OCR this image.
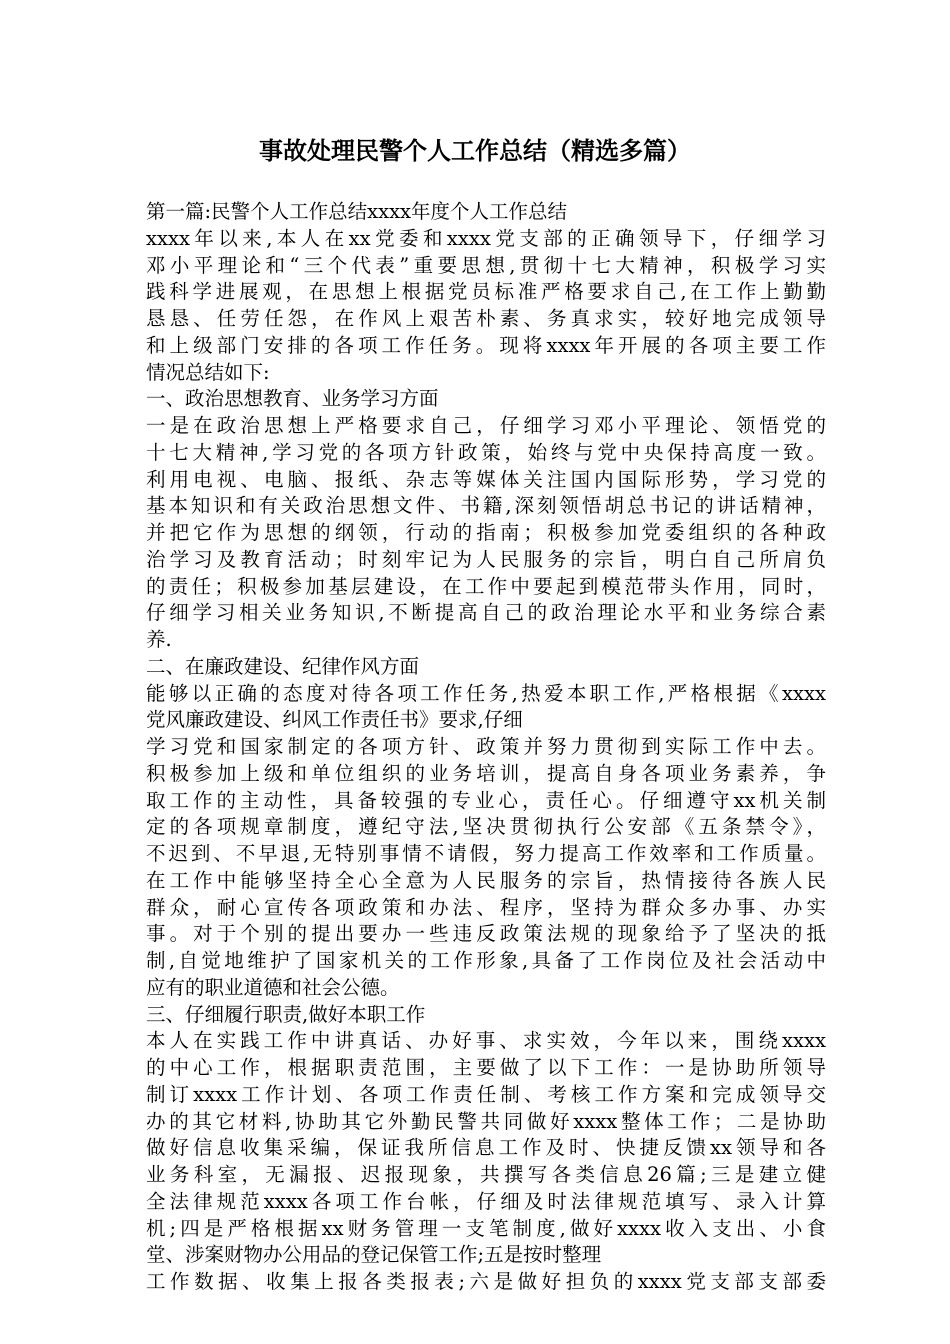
事故处理民警个人工作总结（精选多篇）
第一篇:民警个人工作总结xxxx年度个人工作总结
xxxx年以来,本人在xx党委和xxxx党支部的正确领导下，仔细学习
邓小平理论和“三个代表”重要思想,贯彻十七大精神，积极学习实
践科学进展观，在思想上根据党员标准严格要求自己,在工作上勤勤
恳恳、任劳任怨，在作风上艰苦朴素、务真求实，较好地完成领导
和上级部门安排的各项工作任务。现将xxxx年开展的各项主要工作
情况总结如下:
一、政治思想教育、业务学习方面
一是在政治思想上严格要求自己，仔细学习邓小平理论、领悟党的
十七大精神,学习党的各项方针政策，始终与党中央保持高度一致。
利用电视、电脑、报纸、杂志等媒体关注国内国际形势，学习党的
基本知识和有关政治思想文件、书籍,深刻领悟胡总书记的讲话精神，
并把它作为思想的纲领，行动的指南；积极参加党委组织的各种政
治学习及教育活动；时刻牢记为人民服务的宗旨，明白自己所肩负
的责任；积极参加基层建设，在工作中要起到模范带头作用，同时，
仔细学习相关业务知识,不断提高自己的政治理论水平和业务综合素
养.
二、在廉政建设、纪律作风方面
能够以正确的态度对待各项工作任务,热爱本职工作,严格根据《xxxx
党风廉政建设、纠风工作责任书》要求,仔细
学习党和国家制定的各项方针、政策并努力贯彻到实际工作中去。
积极参加上级和单位组织的业务培训，提高自身各项业务素养，争
取工作的主动性，具备较强的专业心，责任心。仔细遵守xx机关制
定的各项规章制度，遵纪守法,坚决贯彻执行公安部《五条禁令》，
不迟到、不早退,无特别事情不请假，努力提高工作效率和工作质量。
在工作中能够坚持全心全意为人民服务的宗旨，热情接待各族人民
群众，耐心宣传各项政策和办法、程序，坚持为群众多办事、办实
事。对于个别的提出要办一些违反政策法规的现象给予了坚决的抵
制,自觉地维护了国家机关的工作形象,具备了工作岗位及社会活动中
应有的职业道德和社会公德。
三、仔细履行职责,做好本职工作
本人在实践工作中讲真话、办好事、求实效，今年以来，围绕xxxx
的中心工作，根据职责范围，主要做了以下工作：一是协助所领导
制订xxxx工作计划、各项工作责任制、考核工作方案和完成领导交
办的其它材料,协助其它外勤民警共同做好xxxx整体工作；二是协助
做好信息收集采编，保证我所信息工作及时、快捷反馈xx领导和各
业务科室，无漏报、迟报现象，共撰写各类信息26篇;三是建立健
全法律规范xxxx各项工作台帐，仔细及时法律规范填写、录入计算
机;四是严格根据xx财务管理一支笔制度,做好xxxx收入支出、小食
堂、涉案财物办公用品的登记保管工作;五是按时整理
工作数据、收集上报各类报表;六是做好担负的xxxx党支部支部委
